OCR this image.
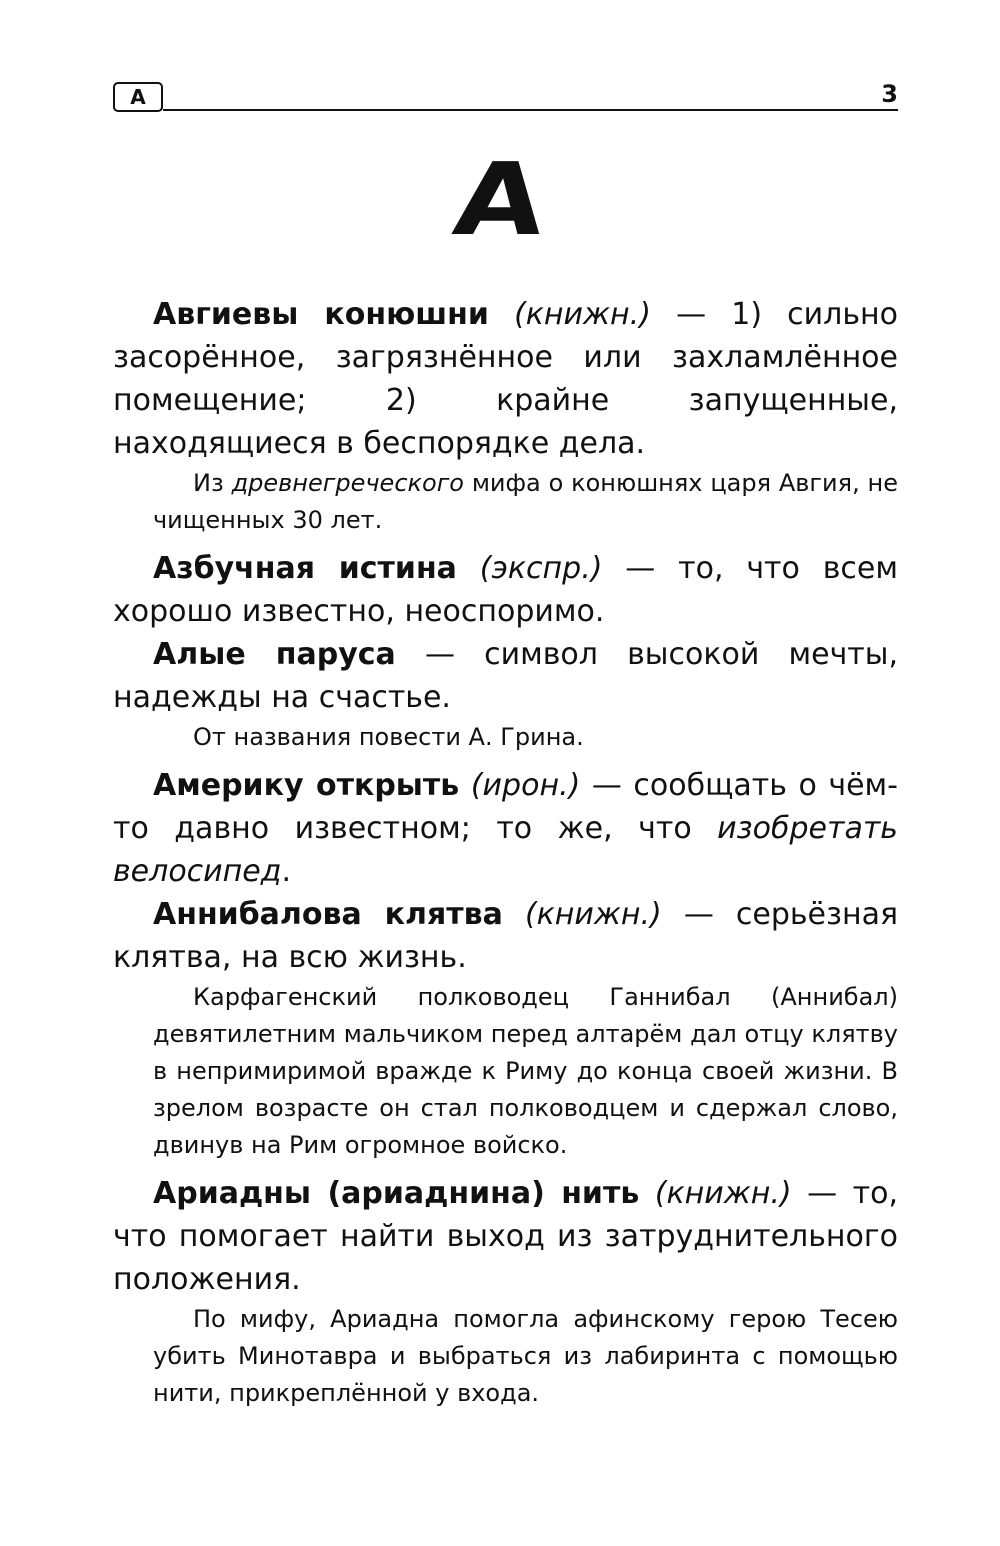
А	3
А

Авгиевы конюшни (книжн.) — 1) сильно засорённое, загрязнённое или захламлённое помещение; 2) крайне запущенные, находящиеся в беспорядке дела.

Из древнегреческого мифа о конюшнях царя Авгия, не чищенных 30 лет.

Азбучная истина (экспр.) — то, что всем хорошо известно, неоспоримо.

Алые паруса — символ высокой мечты, надежды на счастье.

От названия повести А. Грина.

Америку открыть (ирон.) — сообщать о чём-то давно известном; то же, что изобретать велосипед.

Аннибалова клятва (книжн.) — серьёзная клятва, на всю жизнь.

Карфагенский полководец Ганнибал (Аннибал) девятилетним мальчиком перед алтарём дал отцу клятву в непримиримой вражде к Риму до конца своей жизни. В зрелом возрасте он стал полководцем и сдержал слово, двинув на Рим огромное войско.

Ариадны (ариаднина) нить (книжн.) — то, что помогает найти выход из затруднительного положения.

По мифу, Ариадна помогла афинскому герою Тесею убить Минотавра и выбраться из лабиринта с помощью нити, прикреплённой у входа.
